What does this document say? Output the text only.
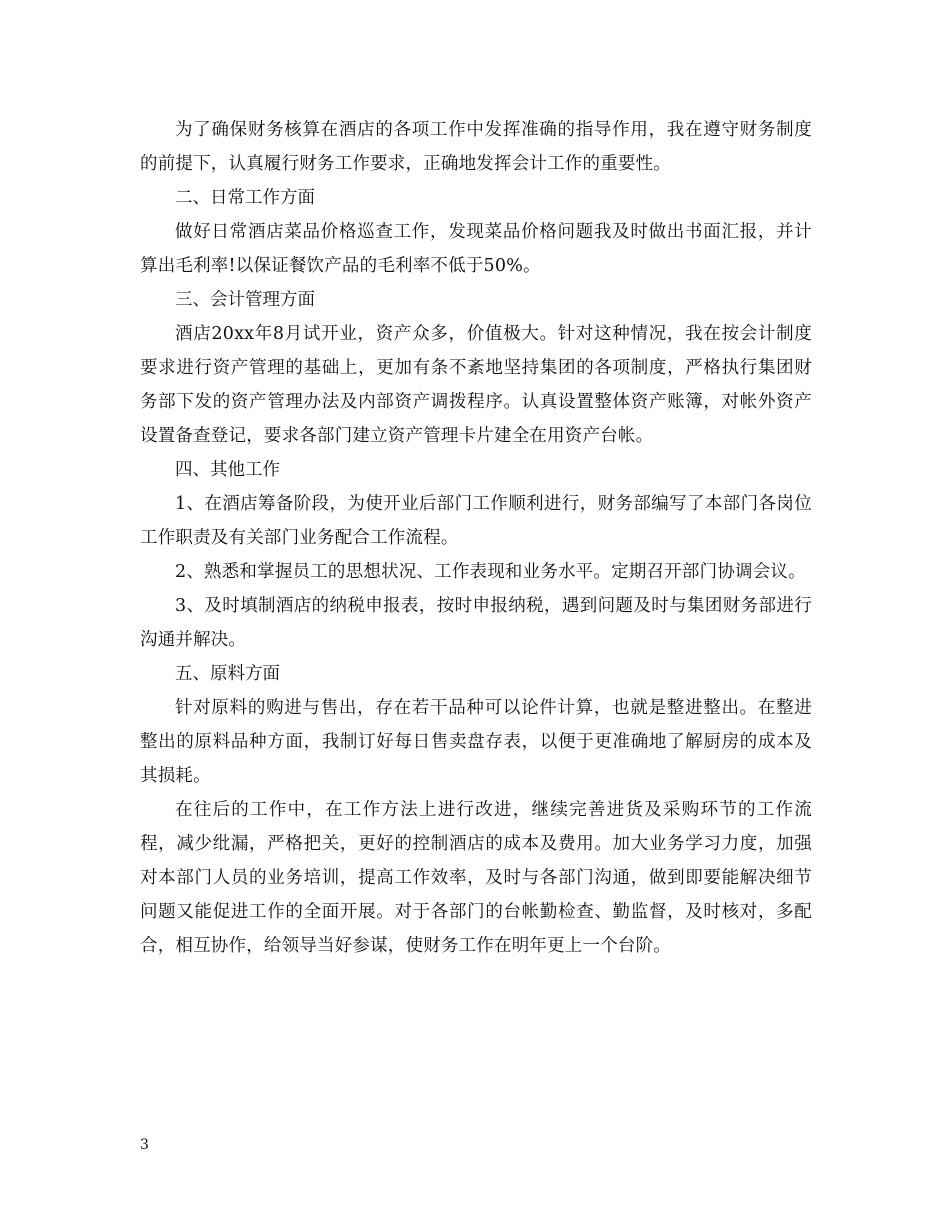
为了确保财务核算在酒店的各项工作中发挥准确的指导作用，我在遵守财务制度的前提下，认真履行财务工作要求，正确地发挥会计工作的重要性。

二、日常工作方面

做好日常酒店菜品价格巡查工作，发现菜品价格问题我及时做出书面汇报，并计算出毛利率!以保证餐饮产品的毛利率不低于50%。

三、会计管理方面

酒店20xx年8月试开业，资产众多，价值极大。针对这种情况，我在按会计制度要求进行资产管理的基础上，更加有条不紊地坚持集团的各项制度，严格执行集团财务部下发的资产管理办法及内部资产调拨程序。认真设置整体资产账簿，对帐外资产设置备查登记，要求各部门建立资产管理卡片建全在用资产台帐。

四、其他工作

1、在酒店筹备阶段，为使开业后部门工作顺利进行，财务部编写了本部门各岗位工作职责及有关部门业务配合工作流程。

2、熟悉和掌握员工的思想状况、工作表现和业务水平。定期召开部门协调会议。

3、及时填制酒店的纳税申报表，按时申报纳税，遇到问题及时与集团财务部进行沟通并解决。

五、原料方面

针对原料的购进与售出，存在若干品种可以论件计算，也就是整进整出。在整进整出的原料品种方面，我制订好每日售卖盘存表，以便于更准确地了解厨房的成本及其损耗。

在往后的工作中，在工作方法上进行改进，继续完善进货及采购环节的工作流程，减少纰漏，严格把关，更好的控制酒店的成本及费用。加大业务学习力度，加强对本部门人员的业务培训，提高工作效率，及时与各部门沟通，做到即要能解决细节问题又能促进工作的全面开展。对于各部门的台帐勤检查、勤监督，及时核对，多配合，相互协作，给领导当好参谋，使财务工作在明年更上一个台阶。

3
